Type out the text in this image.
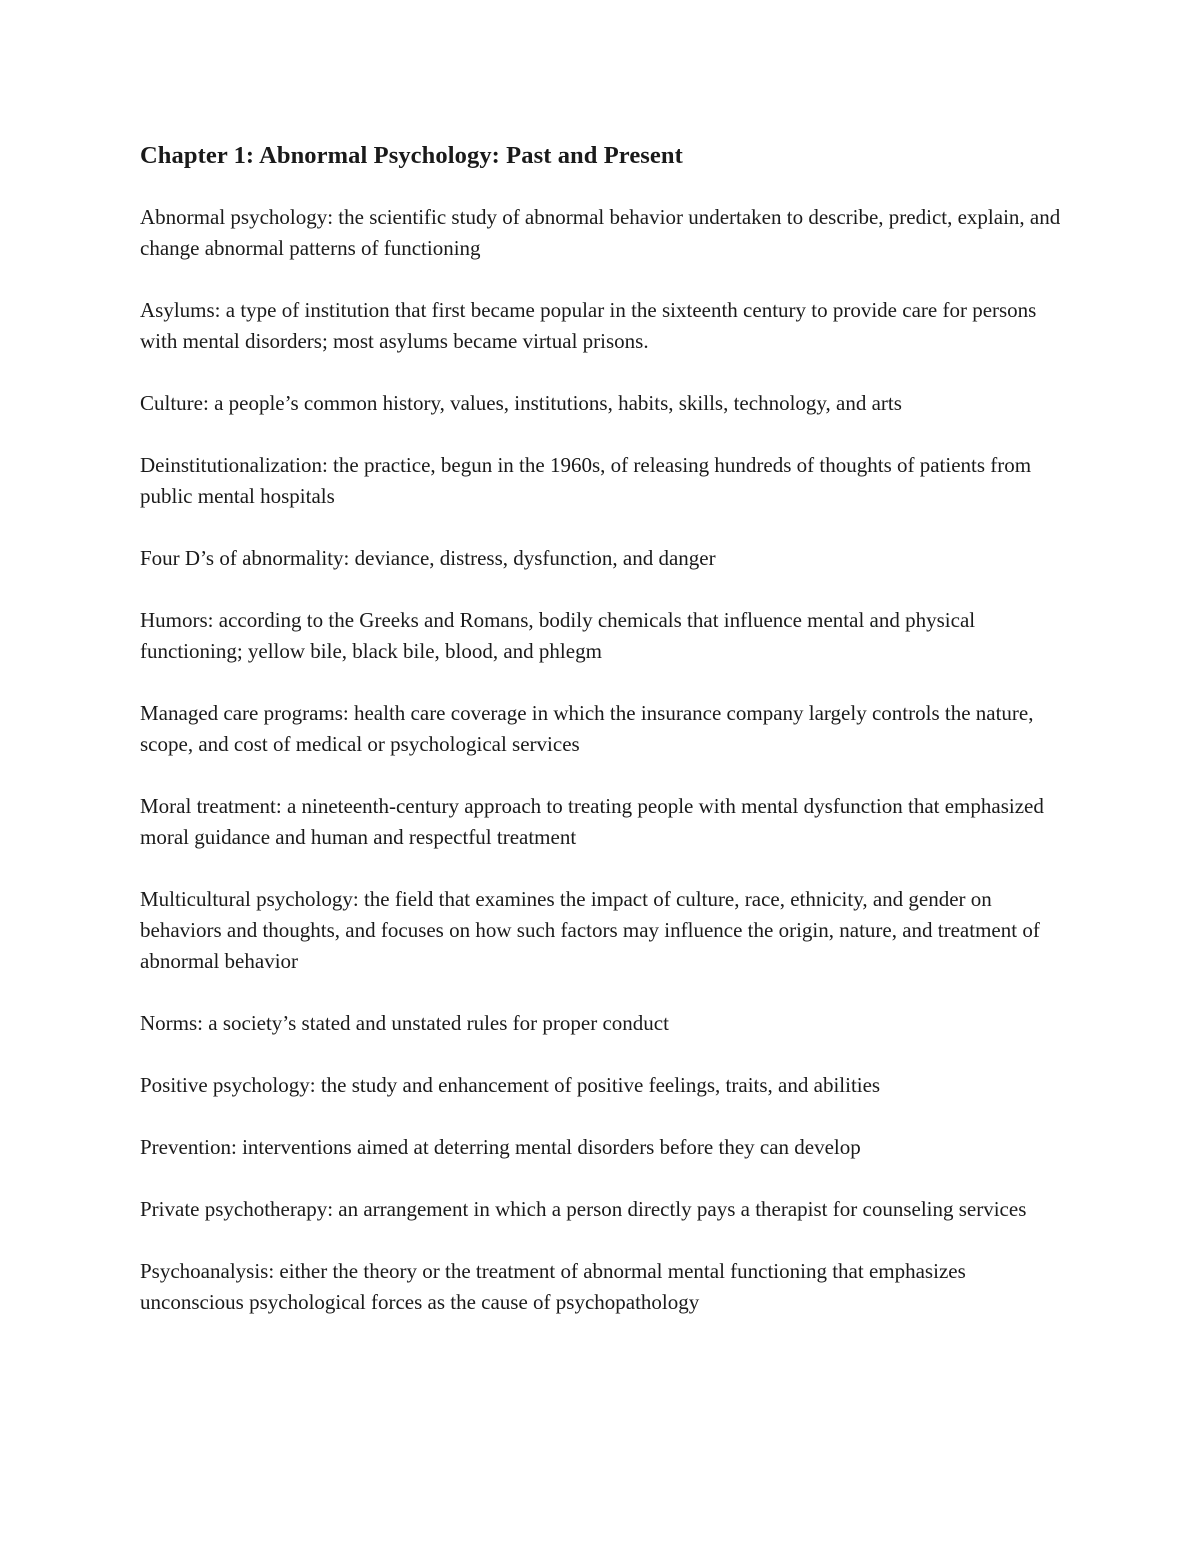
Chapter 1: Abnormal Psychology: Past and Present

Abnormal psychology: the scientific study of abnormal behavior undertaken to describe, predict, explain, and change abnormal patterns of functioning

Asylums: a type of institution that first became popular in the sixteenth century to provide care for persons with mental disorders; most asylums became virtual prisons.

Culture: a people’s common history, values, institutions, habits, skills, technology, and arts

Deinstitutionalization: the practice, begun in the 1960s, of releasing hundreds of thoughts of patients from public mental hospitals

Four D’s of abnormality: deviance, distress, dysfunction, and danger

Humors: according to the Greeks and Romans, bodily chemicals that influence mental and physical functioning; yellow bile, black bile, blood, and phlegm

Managed care programs: health care coverage in which the insurance company largely controls the nature, scope, and cost of medical or psychological services

Moral treatment: a nineteenth-century approach to treating people with mental dysfunction that emphasized moral guidance and human and respectful treatment

Multicultural psychology: the field that examines the impact of culture, race, ethnicity, and gender on behaviors and thoughts, and focuses on how such factors may influence the origin, nature, and treatment of abnormal behavior

Norms: a society’s stated and unstated rules for proper conduct

Positive psychology: the study and enhancement of positive feelings, traits, and abilities

Prevention: interventions aimed at deterring mental disorders before they can develop

Private psychotherapy: an arrangement in which a person directly pays a therapist for counseling services

Psychoanalysis: either the theory or the treatment of abnormal mental functioning that emphasizes unconscious psychological forces as the cause of psychopathology
